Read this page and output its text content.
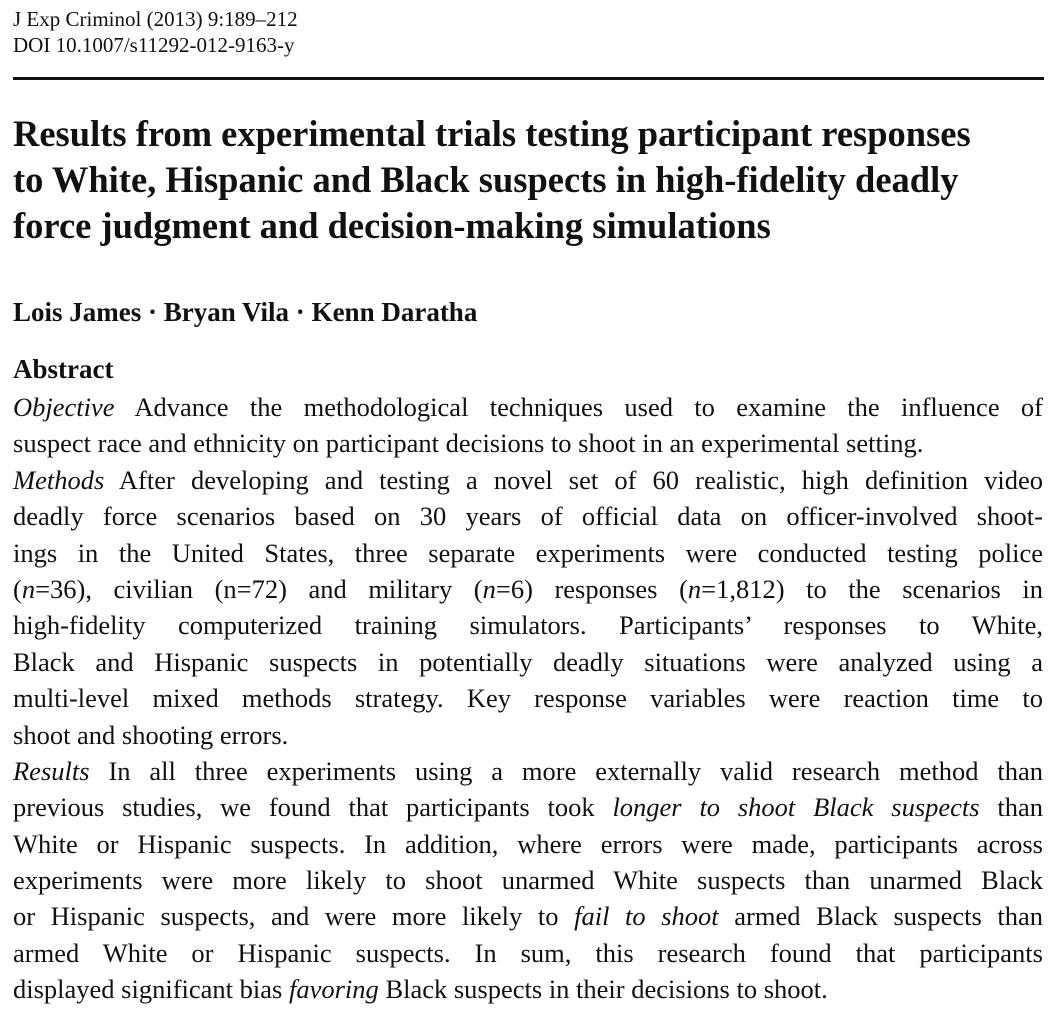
J Exp Criminol (2013) 9:189–212
DOI 10.1007/s11292-012-9163-y
Results from experimental trials testing participant responses
to White, Hispanic and Black suspects in high-fidelity deadly
force judgment and decision-making simulations
Lois James · Bryan Vila · Kenn Daratha
Abstract
Objective Advance the methodological techniques used to examine the influence of
suspect race and ethnicity on participant decisions to shoot in an experimental setting.
Methods After developing and testing a novel set of 60 realistic, high definition video
deadly force scenarios based on 30 years of official data on officer-involved shoot-
ings in the United States, three separate experiments were conducted testing police
(n=36), civilian (n=72) and military (n=6) responses (n=1,812) to the scenarios in
high-fidelity computerized training simulators. Participants’ responses to White,
Black and Hispanic suspects in potentially deadly situations were analyzed using a
multi-level mixed methods strategy. Key response variables were reaction time to
shoot and shooting errors.
Results In all three experiments using a more externally valid research method than
previous studies, we found that participants took longer to shoot Black suspects than
White or Hispanic suspects. In addition, where errors were made, participants across
experiments were more likely to shoot unarmed White suspects than unarmed Black
or Hispanic suspects, and were more likely to fail to shoot armed Black suspects than
armed White or Hispanic suspects. In sum, this research found that participants
displayed significant bias favoring Black suspects in their decisions to shoot.
